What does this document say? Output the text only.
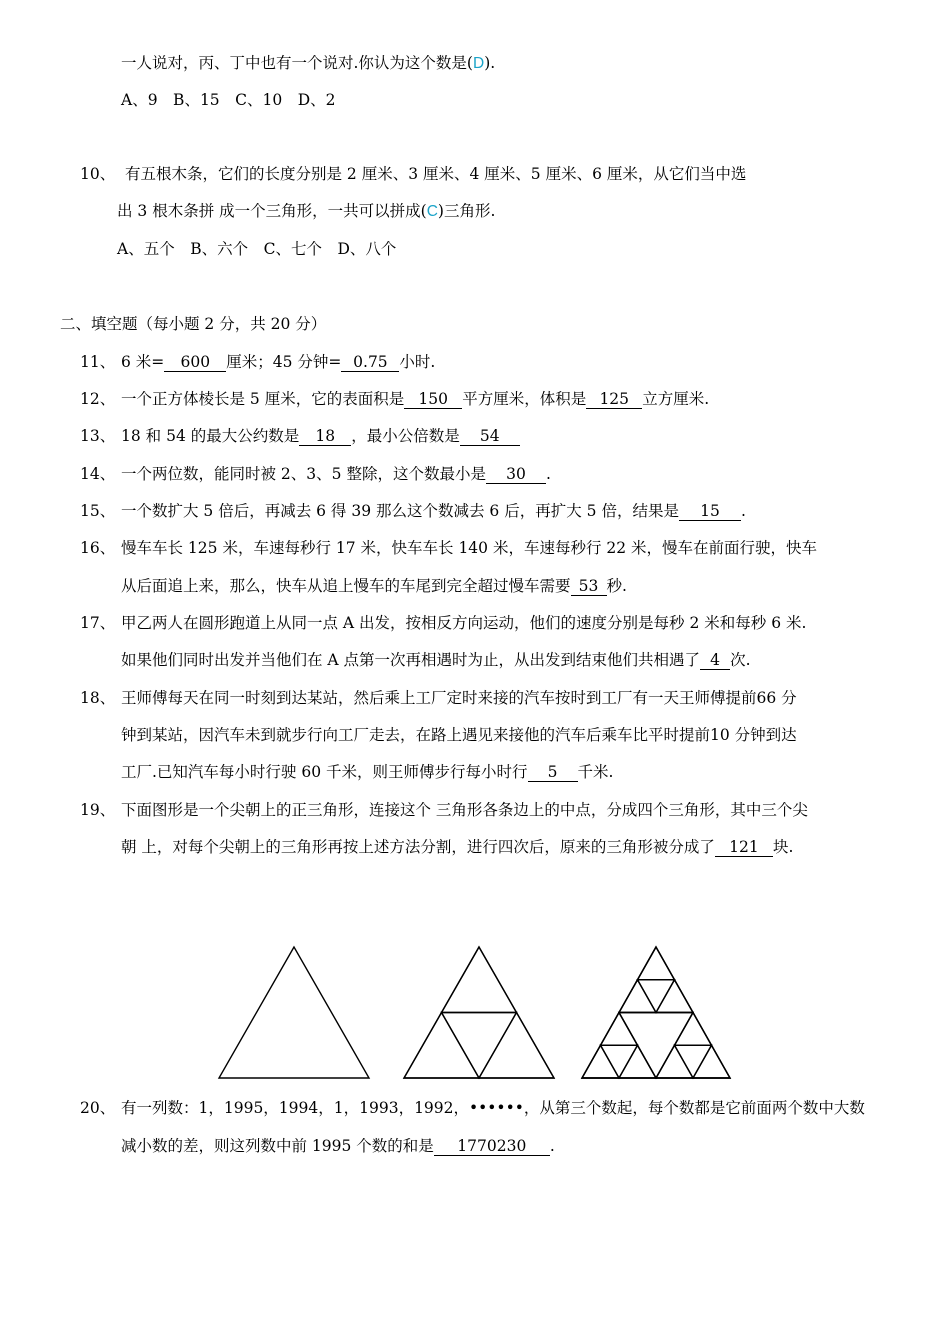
一人说对，丙、丁中也有一个说对.你认为这个数是(D).
A、9　B、15　C、10　D、2
10、 有五根木条，它们的长度分别是 2 厘米、3 厘米、4 厘米、5 厘米、6 厘米，从它们当中选
出 3 根木条拼 成一个三角形，一共可以拼成(C)三角形.
A、五个　B、六个　C、七个　D、八个
二、填空题（每小题 2 分，共 20 分）
11、 6 米= 600 厘米；45 分钟= 0.75 小时.
12、 一个正方体棱长是 5 厘米，它的表面积是 150 平方厘米，体积是 125 立方厘米.
13、 18 和 54 的最大公约数是 18 ，最小公倍数是 54
14、 一个两位数，能同时被 2、3、5 整除，这个数最小是 30 .
15、 一个数扩大 5 倍后，再减去 6 得 39 那么这个数减去 6 后，再扩大 5 倍，结果是 15 .
16、 慢车车长 125 米，车速每秒行 17 米，快车车长 140 米，车速每秒行 22 米，慢车在前面行驶，快车
从后面追上来，那么，快车从追上慢车的车尾到完全超过慢车需要 53 秒.
17、 甲乙两人在圆形跑道上从同一点 A 出发，按相反方向运动，他们的速度分别是每秒 2 米和每秒 6 米.
如果他们同时出发并当他们在 A 点第一次再相遇时为止，从出发到结束他们共相遇了 4 次.
18、 王师傅每天在同一时刻到达某站，然后乘上工厂定时来接的汽车按时到工厂有一天王师傅提前66 分
钟到某站，因汽车未到就步行向工厂走去，在路上遇见来接他的汽车后乘车比平时提前10 分钟到达
工厂.已知汽车每小时行驶 60 千米，则王师傅步行每小时行 5 千米.
19、 下面图形是一个尖朝上的正三角形，连接这个 三角形各条边上的中点，分成四个三角形，其中三个尖
朝 上，对每个尖朝上的三角形再按上述方法分割，进行四次后，原来的三角形被分成了 121 块.
20、 有一列数：1，1995，1994，1，1993，1992，••••••，从第三个数起，每个数都是它前面两个数中大数
减小数的差，则这列数中前 1995 个数的和是 1770230 .
